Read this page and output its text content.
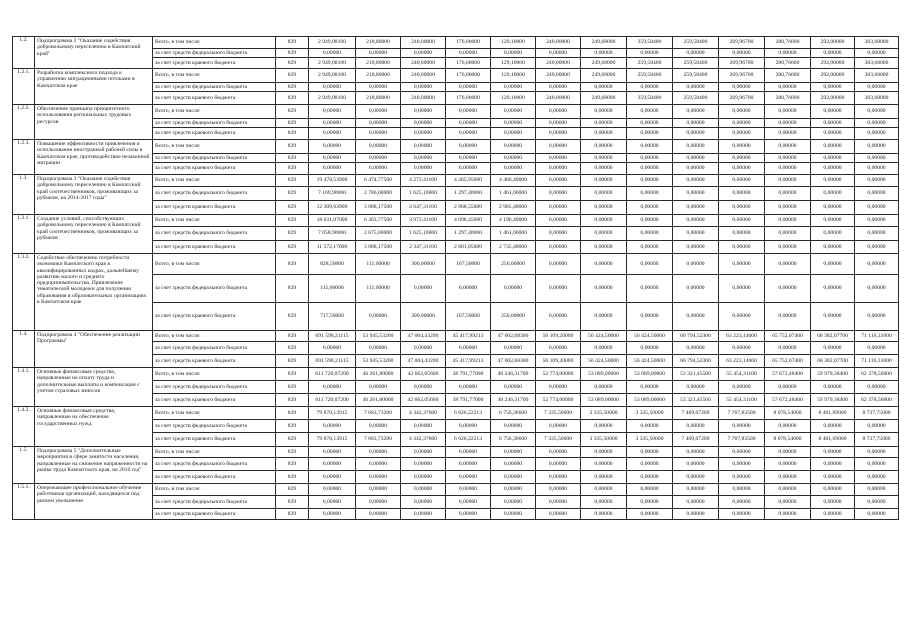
1.2.	Подпрограмма 2 "Оказание содействия добровольному переселению в Камчатский край"	Всего, в том числе:	829	2 949,08100	218,80000	240,00000	176,00000	129,10000	240,00000	249,68000	259,58400	259,58400	269,96700	280,76600	292,00000	303,68000
		за счет средств федерального бюджета	829	0,00000	0,00000	0,00000	0,00000	0,00000	0,00000	0,00000	0,00000	0,00000	0,00000	0,00000	0,00000	0,00000
		за счет средств краевого бюджета	829	2 949,08100	218,80000	240,00000	176,00000	129,10000	240,00000	249,68000	259,58400	259,58400	269,96700	280,76600	292,00000	303,68000
1.2.1.	Разработка комплексного подхода к управлению миграционными потоками в Камчатском крае	Всего, в том числе:	829	2 949,08100	218,80000	240,00000	176,00000	129,10000	240,00000	249,68000	259,58400	259,58400	269,96700	280,76600	292,00000	303,68000
		за счет средств федерального бюджета	829	0,00000	0,00000	0,00000	0,00000	0,00000	0,00000	0,00000	0,00000	0,00000	0,00000	0,00000	0,00000	0,00000
		за счет средств краевого бюджета	829	2 949,08100	218,80000	240,00000	176,00000	129,10000	240,00000	249,68000	259,58400	259,58400	269,96700	280,76600	292,00000	303,68000
1.2.2.	Обеспечение принципа приоритетного использования региональных трудовых ресурсов	Всего, в том числе:	829	0,00000	0,00000	0,00000	0,00000	0,00000	0,00000	0,00000	0,00000	0,00000	0,00000	0,00000	0,00000	0,00000
		за счет средств федерального бюджета	829	0,00000	0,00000	0,00000	0,00000	0,00000	0,00000	0,00000	0,00000	0,00000	0,00000	0,00000	0,00000	0,00000
		за счет средств краевого бюджета	829	0,00000	0,00000	0,00000	0,00000	0,00000	0,00000	0,00000	0,00000	0,00000	0,00000	0,00000	0,00000	0,00000
1.2.3.	Повышение эффективности привлечения и использования иностранной рабочей силы в Камчатском крае, противодействие незаконной миграции	Всего, в том числе:	829	0,00000	0,00000	0,00000	0,00000	0,00000	0,00000	0,00000	0,00000	0,00000	0,00000	0,00000	0,00000	0,00000
		за счет средств федерального бюджета	829	0,00000	0,00000	0,00000	0,00000	0,00000	0,00000	0,00000	0,00000	0,00000	0,00000	0,00000	0,00000	0,00000
		за счет средств краевого бюджета	829	0,00000	0,00000	0,00000	0,00000	0,00000	0,00000	0,00000	0,00000	0,00000	0,00000	0,00000	0,00000	0,00000
1.3.	Подпрограмма 3 "Оказание содействия добровольному переселению в Камчатский край соотечественников, проживающих за рубежом, на 2014-2017 годы"	Всего, в том числе:	829	19 478,53900	6 474,77500	4 272,41100	4 265,95000	4 466,40000	0,00000	0,00000	0,00000	0,00000	0,00000	0,00000	0,00000	0,00000
		за счет средств федерального бюджета	829	7 169,90000	2 786,60000	1 625,10000	1 297,40000	1 461,00000	0,00000	0,00000	0,00000	0,00000	0,00000	0,00000	0,00000	0,00000
		за счет средств краевого бюджета	829	12 309,63900	3 688,17500	2 647,31100	2 968,55000	2 985,40000	0,00000	0,00000	0,00000	0,00000	0,00000	0,00000	0,00000	0,00000
1.3.1.	Создание условий, способствующих добровольному переселению в Камчатский край соотечественников, проживающих за рубежом	Всего, в том числе:	829	18 631,07000	6 363,77500	3 972,41100	4 098,45000	4 196,40000	0,00000	0,00000	0,00000	0,00000	0,00000	0,00000	0,00000	0,00000
		за счет средств федерального бюджета	829	7 058,90000	2 675,60000	1 625,10000	1 297,40000	1 461,00000	0,00000	0,00000	0,00000	0,00000	0,00000	0,00000	0,00000	0,00000
		за счет средств краевого бюджета	829	11 572,17000	3 688,17500	2 347,31100	2 801,05000	2 735,40000	0,00000	0,00000	0,00000	0,00000	0,00000	0,00000	0,00000	0,00000
1.3.2.	Содействие обеспечению потребности экономики Камчатского края в квалифицированных кадрах, дальнейшему развитию малого и среднего предпринимательства. Привлечение тематической молодежи для получения образования в образовательных организациях в Камчатском крае	Всего, в том числе:	829	828,50000	111,00000	300,00000	167,50000	250,00000	0,00000	0,00000	0,00000	0,00000	0,00000	0,00000	0,00000	0,00000
		за счет средств федерального бюджета	829	111,00000	111,00000	0,00000	0,00000	0,00000	0,00000	0,00000	0,00000	0,00000	0,00000	0,00000	0,00000	0,00000
		за счет средств краевого бюджета	829	717,50000	0,00000	300,00000	167,50000	250,00000	0,00000	0,00000	0,00000	0,00000	0,00000	0,00000	0,00000	0,00000
1.4.	Подпрограмма 4 "Обеспечение реализации Программы"	Всего, в том числе:	829	691 590,21115	53 945,53200	47 004,43200	45 417,99213	47 002,68300	50 109,20000	56 424,50000	56 424,50000	60 794,52300	63 223,14600	65 752,07400	68 382,07700	71 116,31000
		за счет средств федерального бюджета	829	0,00000	0,00000	0,00000	0,00000	0,00000	0,00000	0,00000	0,00000	0,00000	0,00000	0,00000	0,00000	0,00000
		за счет средств краевого бюджета	829	691 590,21115	53 945,53200	47 004,43200	45 417,99213	47 002,68300	50 109,20000	56 424,50000	56 424,50000	60 794,52300	63 223,14600	65 752,07400	68 382,07700	71 116,31000
1.4.1.	Основные финансовые средства, направленные на оплату труда и дополнительные выплаты и компенсации с учетом страховых взносов	Всего, в том числе:	829	611 720,07200	46 261,80000	42 662,05600	38 791,77000	40 246,31700	52 774,00000	53 089,00000	53 089,00000	53 321,45500	55 454,31100	57 672,48400	59 979,38400	62 378,56000
		за счет средств федерального бюджета	829	0,00000	0,00000	0,00000	0,00000	0,00000	0,00000	0,00000	0,00000	0,00000	0,00000	0,00000	0,00000	0,00000
		за счет средств краевого бюджета	829	611 720,07200	46 261,80000	42 662,05600	38 791,77000	40 246,31700	52 774,00000	53 089,00000	53 089,00000	53 321,45500	55 454,31100	57 672,48400	59 979,38400	62 378,56000
1.4.2.	Основные финансовые средства, направленные на обеспечение государственных нужд	Всего, в том числе:	829	79 870,13915	7 683,73200	4 342,37600	6 626,22213	6 756,36600	7 335,50000	3 335,50000	3 335,50000	7 469,07200	7 767,83500	8 078,54000	8 401,69000	8 737,75000
		за счет средств федерального бюджета	829	0,00000	0,00000	0,00000	0,00000	0,00000	0,00000	0,00000	0,00000	0,00000	0,00000	0,00000	0,00000	0,00000
		за счет средств краевого бюджета	829	79 870,13915	7 683,73200	4 342,37600	6 626,22213	6 756,36600	7 335,50000	3 335,50000	3 335,50000	7 469,07200	7 767,83500	8 078,54000	8 401,69000	8 737,75000
1.5.	Подпрограмма 5 "Дополнительные мероприятия в сфере занятости населения, направленные на снижение напряженности на рынке труда Камчатского края, на 2016 год"	Всего, в том числе:	829	0,00000	0,00000	0,00000	0,00000	0,00000	0,00000	0,00000	0,00000	0,00000	0,00000	0,00000	0,00000	0,00000
		за счет средств федерального бюджета	829	0,00000	0,00000	0,00000	0,00000	0,00000	0,00000	0,00000	0,00000	0,00000	0,00000	0,00000	0,00000	0,00000
		за счет средств краевого бюджета	829	0,00000	0,00000	0,00000	0,00000	0,00000	0,00000	0,00000	0,00000	0,00000	0,00000	0,00000	0,00000	0,00000
1.5.1.	Опережающее профессиональное обучение работников организаций, находящихся под риском увольнения	Всего, в том числе:	829	0,00000	0,00000	0,00000	0,00000	0,00000	0,00000	0,00000	0,00000	0,00000	0,00000	0,00000	0,00000	0,00000
		за счет средств федерального бюджета	829	0,00000	0,00000	0,00000	0,00000	0,00000	0,00000	0,00000	0,00000	0,00000	0,00000	0,00000	0,00000	0,00000
		за счет средств краевого бюджета	829	0,00000	0,00000	0,00000	0,00000	0,00000	0,00000	0,00000	0,00000	0,00000	0,00000	0,00000	0,00000	0,00000
